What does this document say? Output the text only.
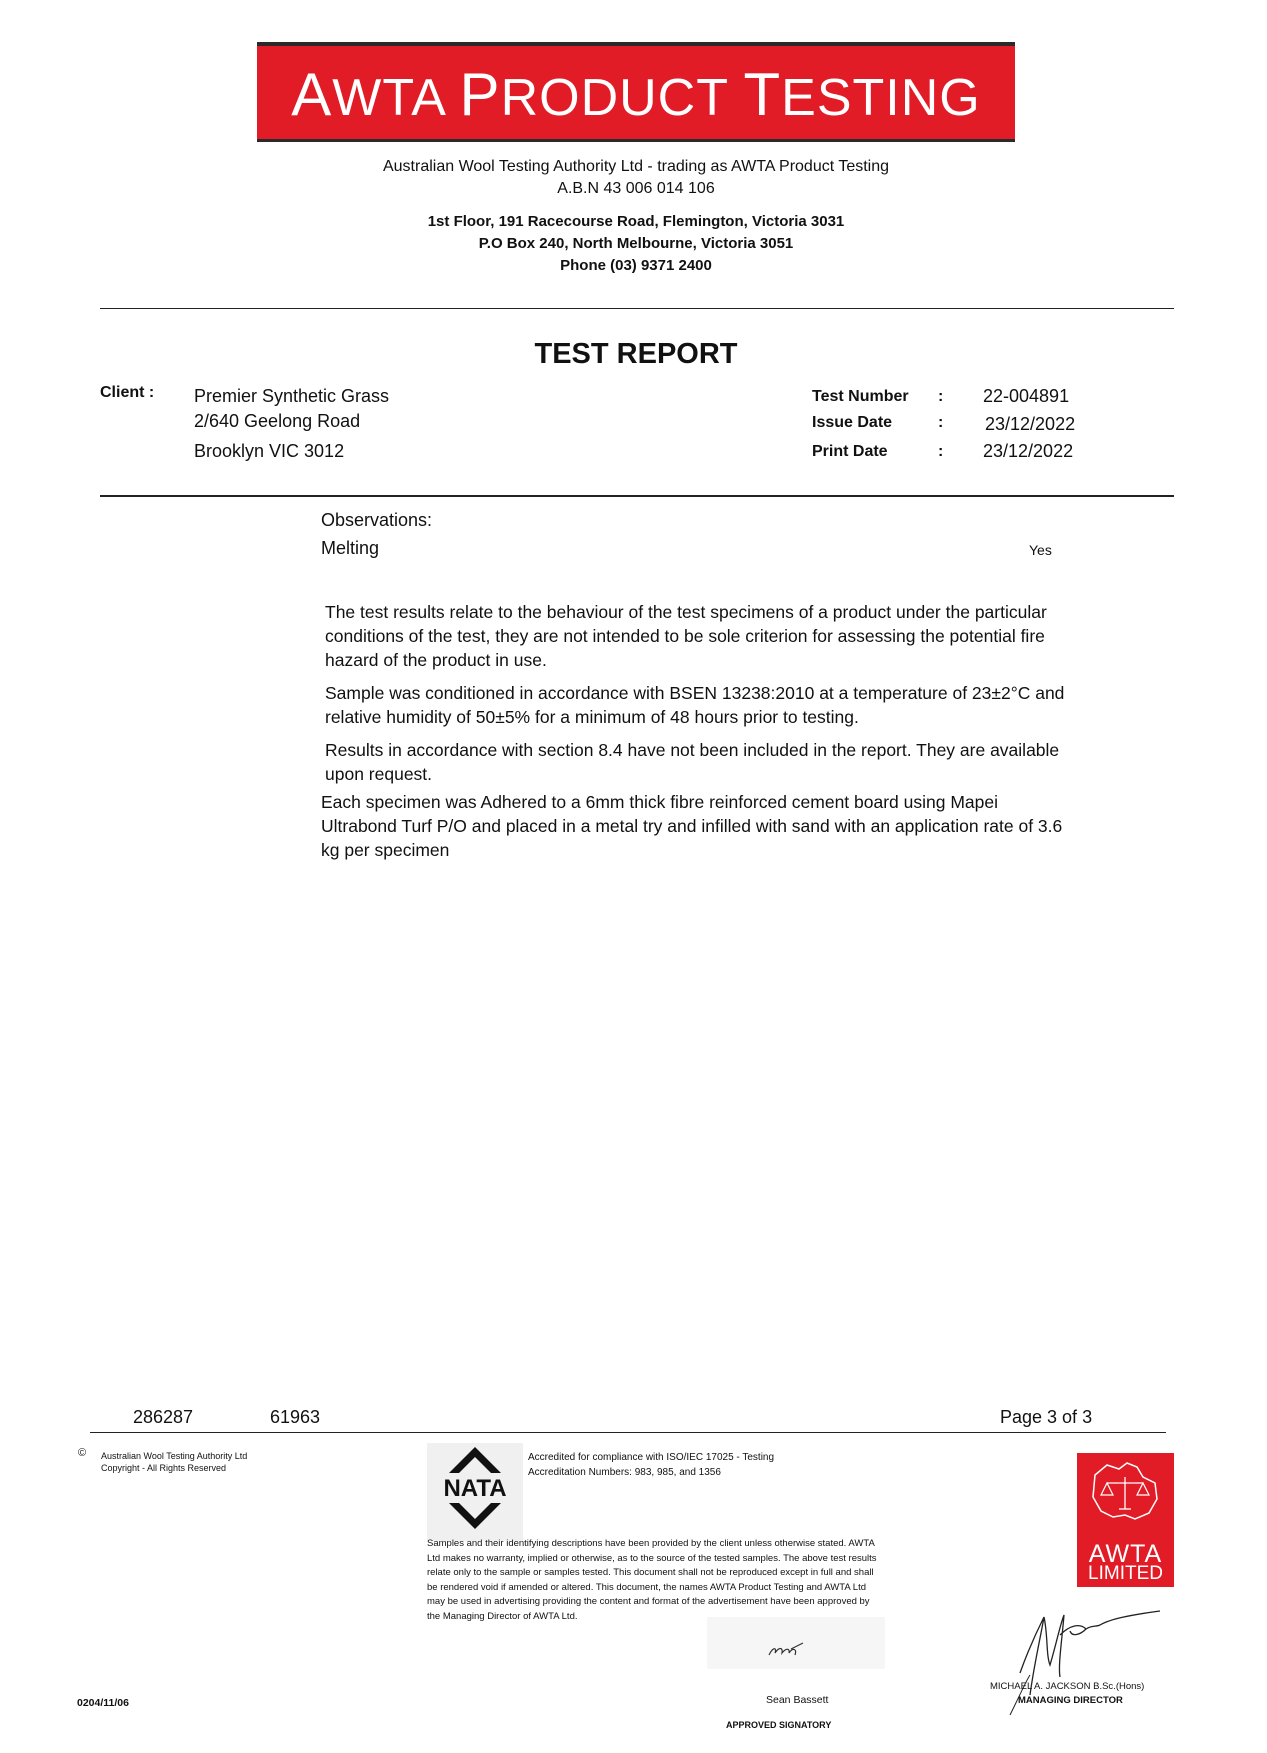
AWTA PRODUCT TESTING
Australian Wool Testing Authority Ltd - trading as AWTA Product Testing
A.B.N 43 006 014 106
1st Floor, 191 Racecourse Road, Flemington, Victoria 3031
P.O Box 240, North Melbourne, Victoria 3051
Phone (03) 9371 2400
TEST REPORT
Client : Premier Synthetic Grass
2/640 Geelong Road
Brooklyn VIC 3012
Test Number : 22-004891
Issue Date	: 23/12/2022
Print Date	: 23/12/2022
Observations:
Melting	Yes
The test results relate to the behaviour of the test specimens of a product under the particular
conditions of the test, they are not intended to be sole criterion for assessing the potential fire
hazard of the product in use.
Sample was conditioned in accordance with BSEN 13238:2010 at a temperature of 23±2°C and
relative humidity of 50±5% for a minimum of 48 hours prior to testing.
Results in accordance with section 8.4 have not been included in the report. They are available
upon request.
Each specimen was Adhered to a 6mm thick fibre reinforced cement board using Mapei
Ultrabond Turf P/O and placed in a metal try and infilled with sand with an application rate of 3.6
kg per specimen
286287	61963	Page 3 of 3
© Australian Wool Testing Authority Ltd
Copyright - All Rights Reserved
NATA
Accredited for compliance with ISO/IEC 17025 - Testing
Accreditation Numbers: 983, 985, and 1356
Samples and their identifying descriptions have been provided by the client unless otherwise stated. AWTA
Ltd makes no warranty, implied or otherwise, as to the source of the tested samples. The above test results
relate only to the sample or samples tested. This document shall not be reproduced except in full and shall
be rendered void if amended or altered. This document, the names AWTA Product Testing and AWTA Ltd
may be used in advertising providing the content and format of the advertisement have been approved by
the Managing Director of AWTA Ltd.
Sean Bassett
APPROVED SIGNATORY
0204/11/06
AWTA
LIMITED
MICHAEL A. JACKSON B.Sc.(Hons)
MANAGING DIRECTOR
